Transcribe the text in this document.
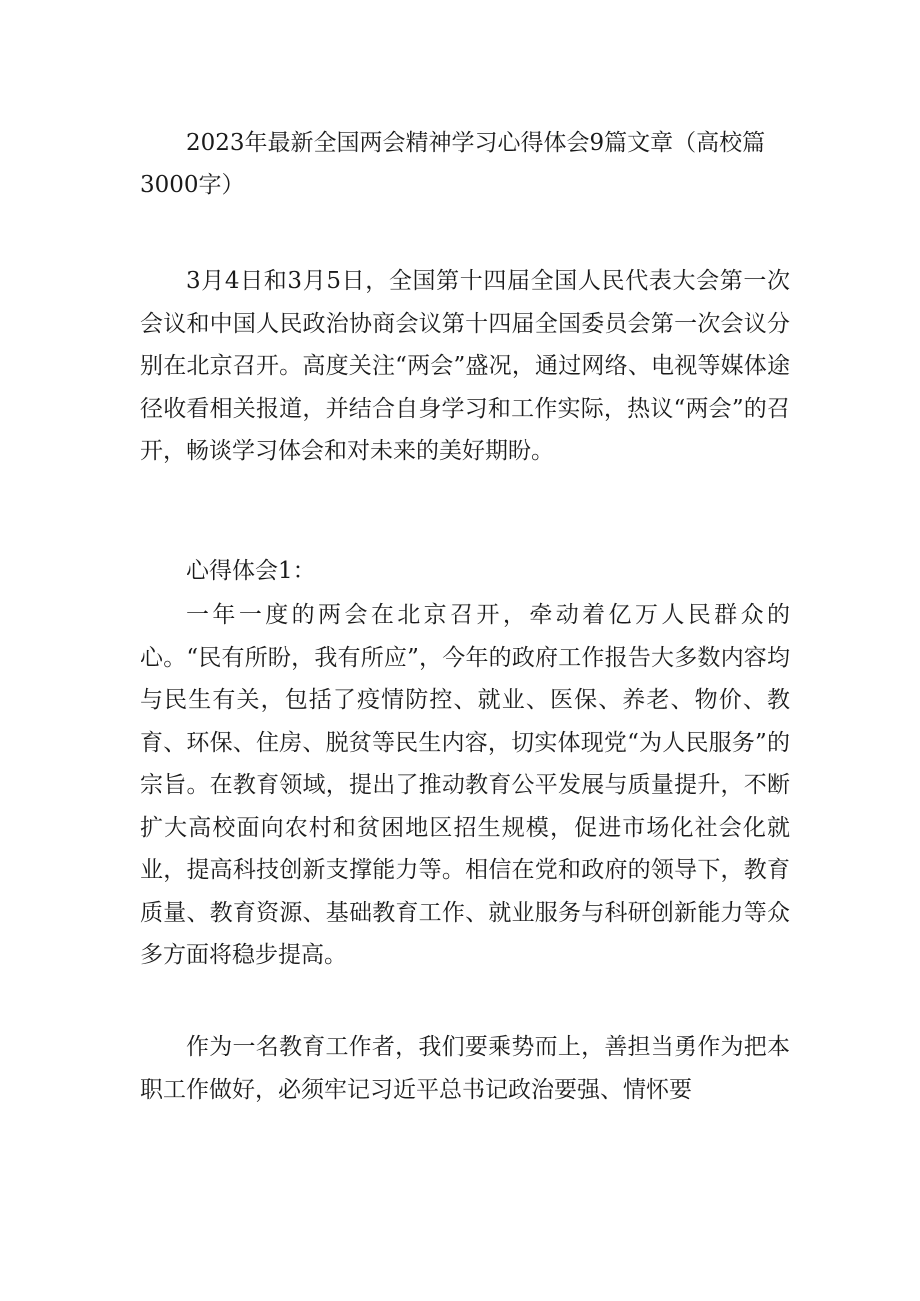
2023年最新全国两会精神学习心得体会9篇文章（高校篇3000字）

3月4日和3月5日，全国第十四届全国人民代表大会第一次会议和中国人民政治协商会议第十四届全国委员会第一次会议分别在北京召开。高度关注“两会”盛况，通过网络、电视等媒体途径收看相关报道，并结合自身学习和工作实际，热议“两会”的召开，畅谈学习体会和对未来的美好期盼。

心得体会1：

一年一度的两会在北京召开，牵动着亿万人民群众的心。“民有所盼，我有所应”，今年的政府工作报告大多数内容均与民生有关，包括了疫情防控、就业、医保、养老、物价、教育、环保、住房、脱贫等民生内容，切实体现党“为人民服务”的宗旨。在教育领域，提出了推动教育公平发展与质量提升，不断扩大高校面向农村和贫困地区招生规模，促进市场化社会化就业，提高科技创新支撑能力等。相信在党和政府的领导下，教育质量、教育资源、基础教育工作、就业服务与科研创新能力等众多方面将稳步提高。

作为一名教育工作者，我们要乘势而上，善担当勇作为把本职工作做好，必须牢记习近平总书记政治要强、情怀要
